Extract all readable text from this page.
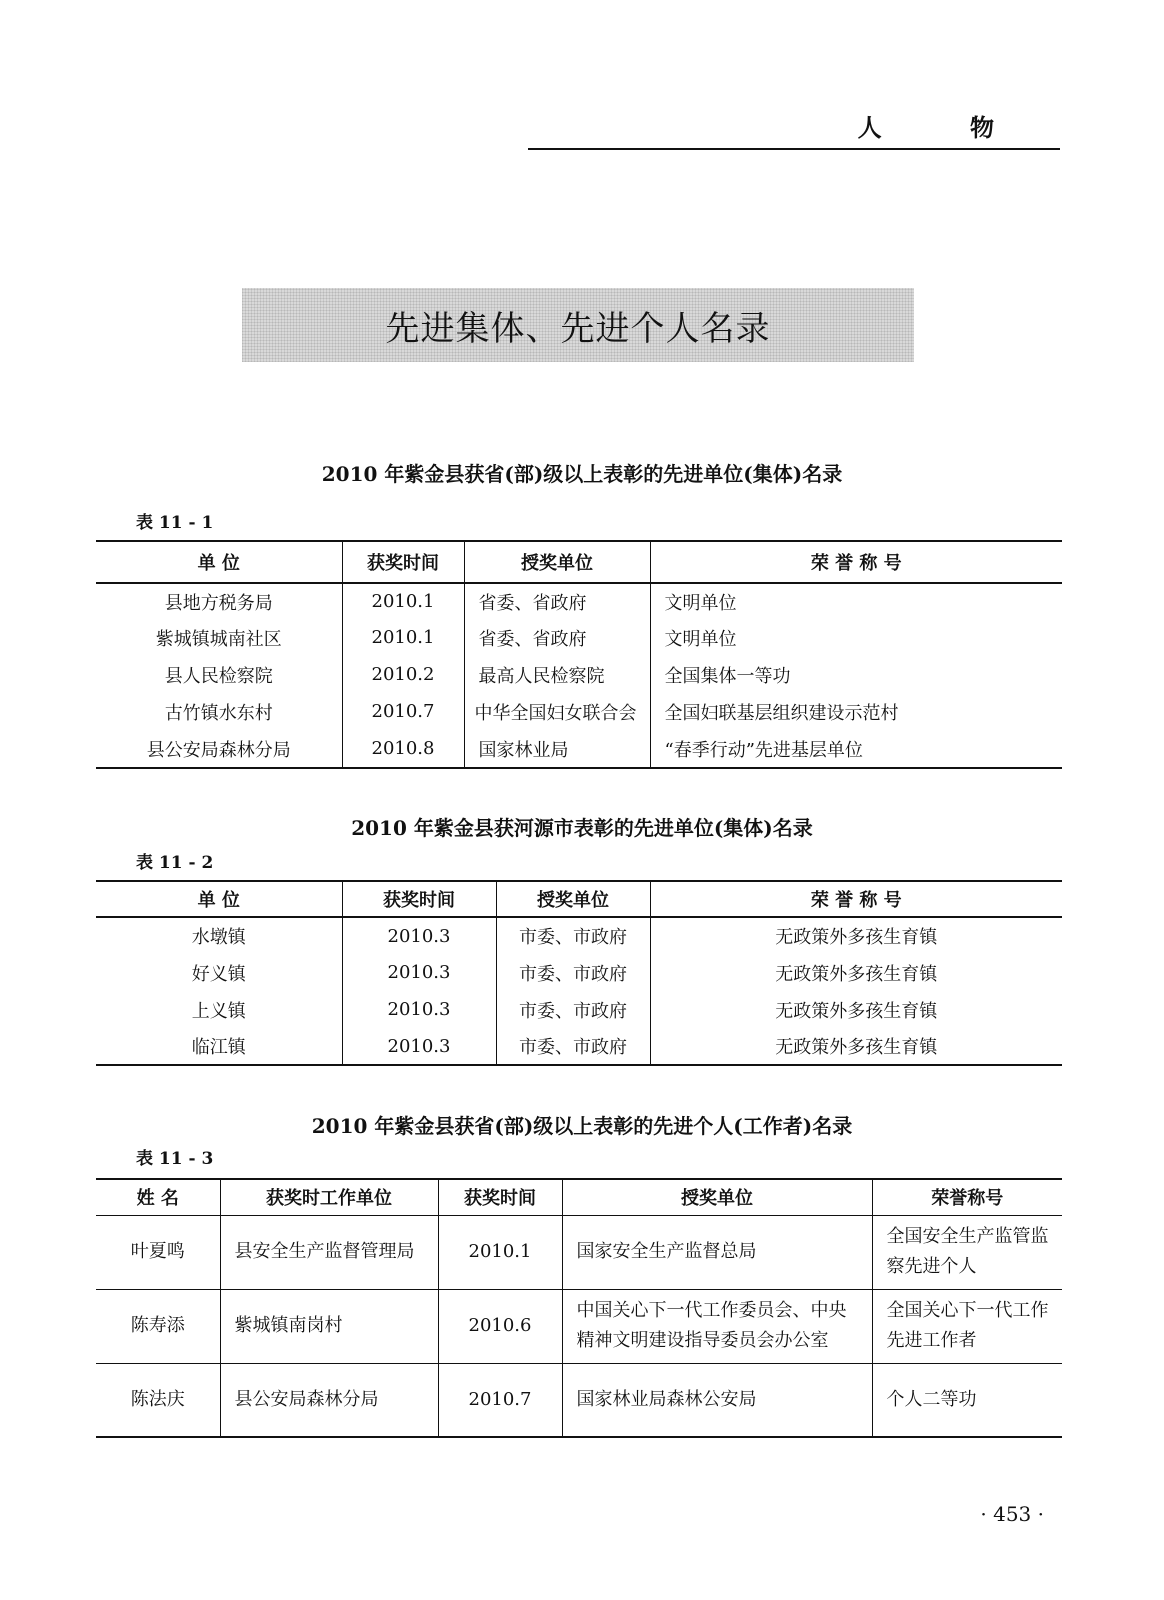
人 物
先进集体、先进个人名录
2010 年紫金县获省(部)级以上表彰的先进单位(集体)名录
表 11 - 1
单 位	获奖时间	授奖单位	荣 誉 称 号
县地方税务局	2010.1	省委、省政府	文明单位
紫城镇城南社区	2010.1	省委、省政府	文明单位
县人民检察院	2010.2	最高人民检察院	全国集体一等功
古竹镇水东村	2010.7	中华全国妇女联合会	全国妇联基层组织建设示范村
县公安局森林分局	2010.8	国家林业局	“春季行动”先进基层单位
2010 年紫金县获河源市表彰的先进单位(集体)名录
表 11 - 2
单 位	获奖时间	授奖单位	荣 誉 称 号
水墩镇	2010.3	市委、市政府	无政策外多孩生育镇
好义镇	2010.3	市委、市政府	无政策外多孩生育镇
上义镇	2010.3	市委、市政府	无政策外多孩生育镇
临江镇	2010.3	市委、市政府	无政策外多孩生育镇
2010 年紫金县获省(部)级以上表彰的先进个人(工作者)名录
表 11 - 3
姓 名	获奖时工作单位	获奖时间	授奖单位	荣誉称号
叶夏鸣	县安全生产监督管理局	2010.1	国家安全生产监督总局	全国安全生产监管监察先进个人
陈寿添	紫城镇南岗村	2010.6	中国关心下一代工作委员会、中央精神文明建设指导委员会办公室	全国关心下一代工作先进工作者
陈法庆	县公安局森林分局	2010.7	国家林业局森林公安局	个人二等功
· 453 ·
